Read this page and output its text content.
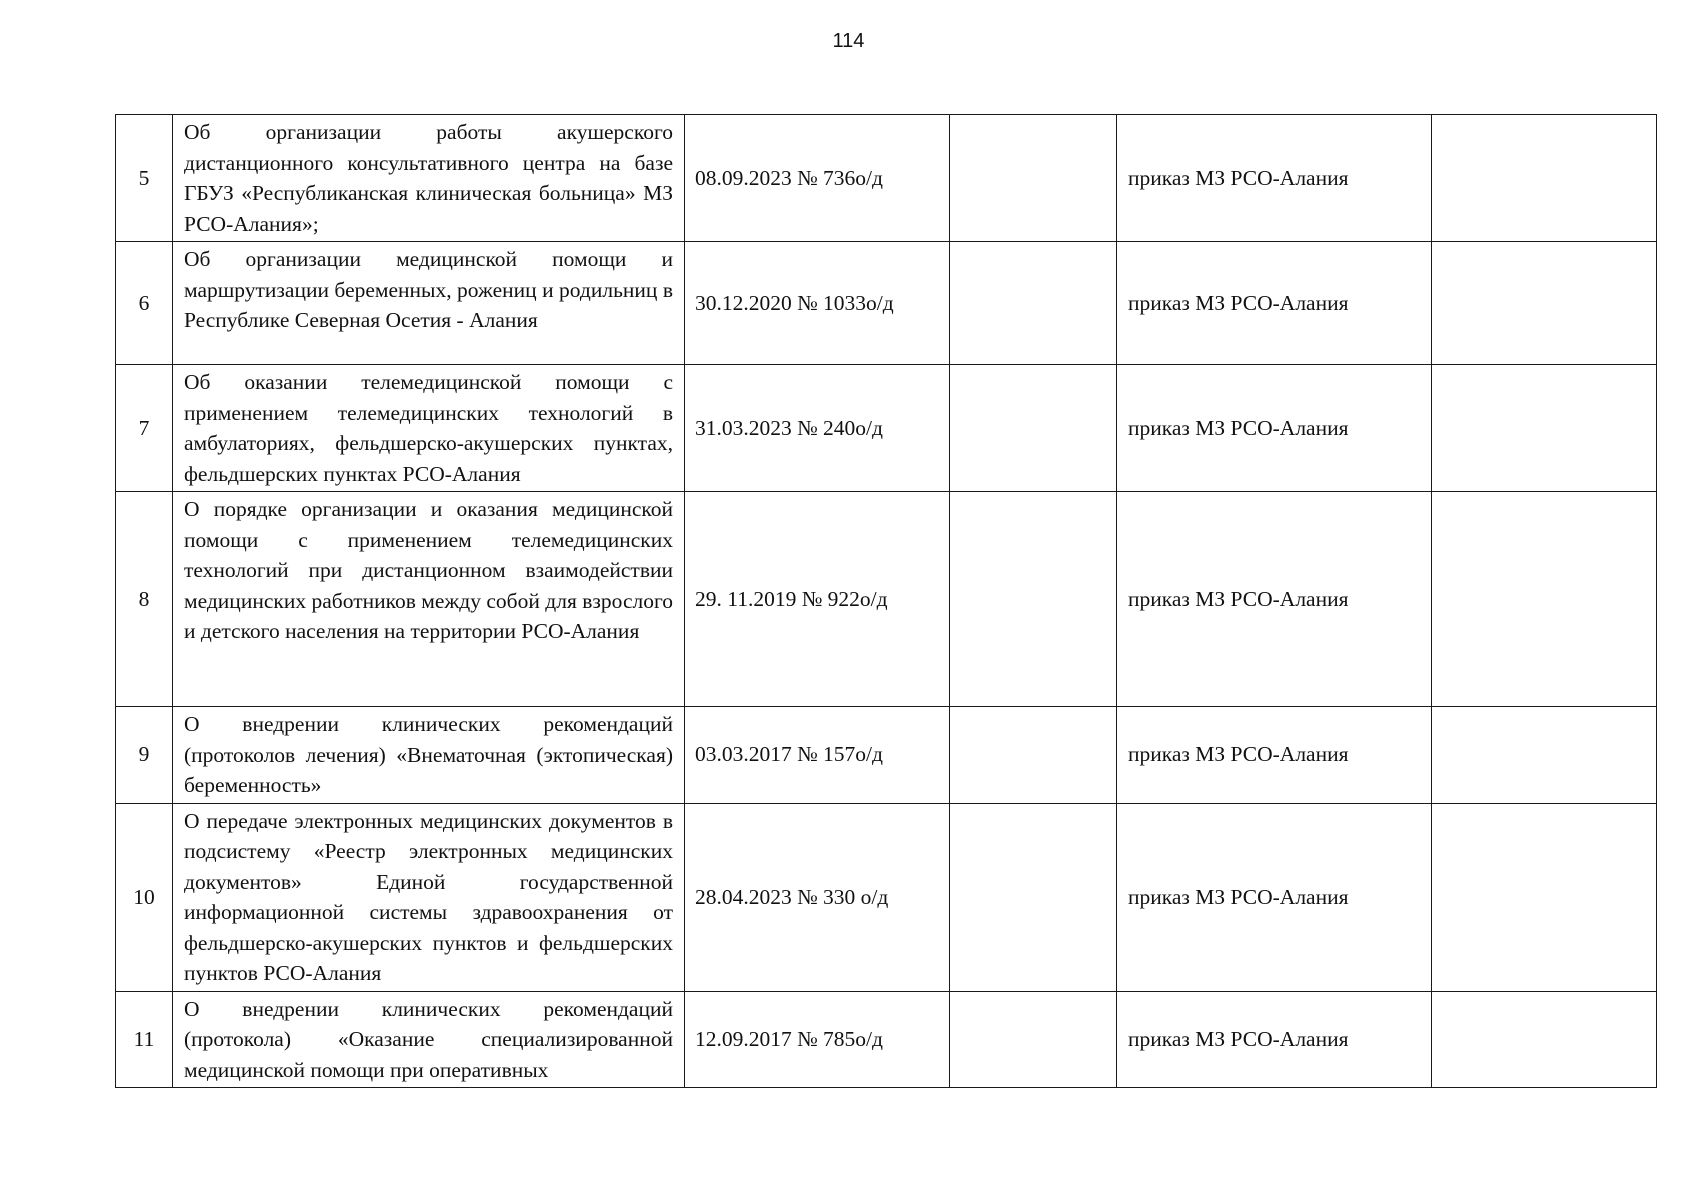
114
5	Об организации работы акушерского дистанционного консультативного центра на базе ГБУЗ «Республиканская клиническая больница» МЗ РСО-Алания»;	08.09.2023 № 736о/д		приказ МЗ РСО-Алания	
6	Об организации медицинской помощи и маршрутизации беременных, рожениц и родильниц в Республике Северная Осетия - Алания	30.12.2020 № 1033о/д		приказ МЗ РСО-Алания	
7	Об оказании телемедицинской помощи с применением телемедицинских технологий в амбулаториях, фельдшерско-акушерских пунктах, фельдшерских пунктах РСО-Алания	31.03.2023 № 240о/д		приказ МЗ РСО-Алания	
8	О порядке организации и оказания медицинской помощи с применением телемедицинских технологий при дистанционном взаимодействии медицинских работников между собой для взрослого и детского населения на территории РСО-Алания	29. 11.2019 № 922о/д		приказ МЗ РСО-Алания	
9	О внедрении клинических рекомендаций (протоколов лечения) «Внематочная (эктопическая) беременность»	03.03.2017 № 157о/д		приказ МЗ РСО-Алания	
10	О передаче электронных медицинских документов в подсистему «Реестр электронных медицинских документов» Единой государственной информационной системы здравоохранения от фельдшерско-акушерских пунктов и фельдшерских пунктов РСО-Алания	28.04.2023 № 330 о/д		приказ МЗ РСО-Алания	
11	О внедрении клинических рекомендаций (протокола) «Оказание специализированной медицинской помощи при оперативных	12.09.2017 № 785о/д		приказ МЗ РСО-Алания	
